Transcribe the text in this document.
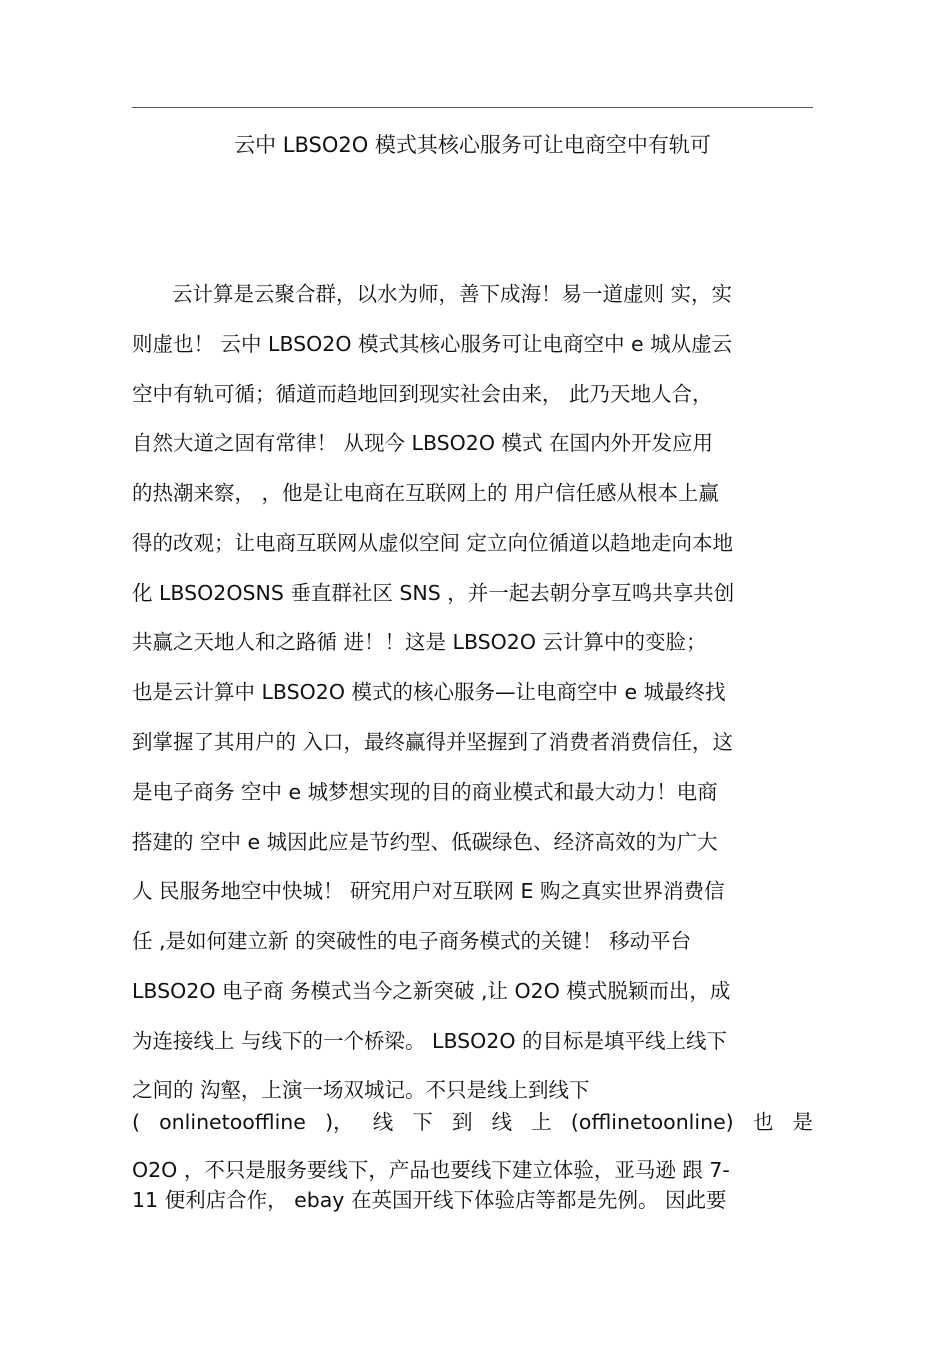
云中 LBSO2O 模式其核心服务可让电商空中有轨可
云计算是云聚合群，以水为师，善下成海！易一道虚则 实，实
则虚也！ 云中 LBSO2O 模式其核心服务可让电商空中 e 城从虚云
空中有轨可循；循道而趋地回到现实社会由来， 此乃天地人合，
自然大道之固有常律！ 从现今 LBSO2O 模式 在国内外开发应用
的热潮来察， ，他是让电商在互联网上的 用户信任感从根本上赢
得的改观；让电商互联网从虚似空间 定立向位循道以趋地走向本地
化 LBSO2OSNS 垂直群社区 SNS ，并一起去朝分享互鸣共享共创
共赢之天地人和之路循 进！！这是 LBSO2O 云计算中的变脸；
也是云计算中 LBSO2O 模式的核心服务—让电商空中 e 城最终找
到掌握了其用户的 入口，最终赢得并坚握到了消费者消费信任，这
是电子商务 空中 e 城梦想实现的目的商业模式和最大动力！电商
搭建的 空中 e 城因此应是节约型、低碳绿色、经济高效的为广大
人 民服务地空中快城！ 研究用户对互联网 E 购之真实世界消费信
任 ,是如何建立新 的突破性的电子商务模式的关键！ 移动平台
LBSO2O 电子商 务模式当今之新突破 ,让 O2O 模式脱颖而出，成
为连接线上 与线下的一个桥梁。 LBSO2O 的目标是填平线上线下
之间的 沟壑，上演一场双城记。不只是线上到线下
( onlinetooffline )， 线 下 到 线 上 (offlinetoonline) 也 是
O2O ，不只是服务要线下，产品也要线下建立体验，亚马逊 跟 7-
11 便利店合作， ebay 在英国开线下体验店等都是先例。 因此要
